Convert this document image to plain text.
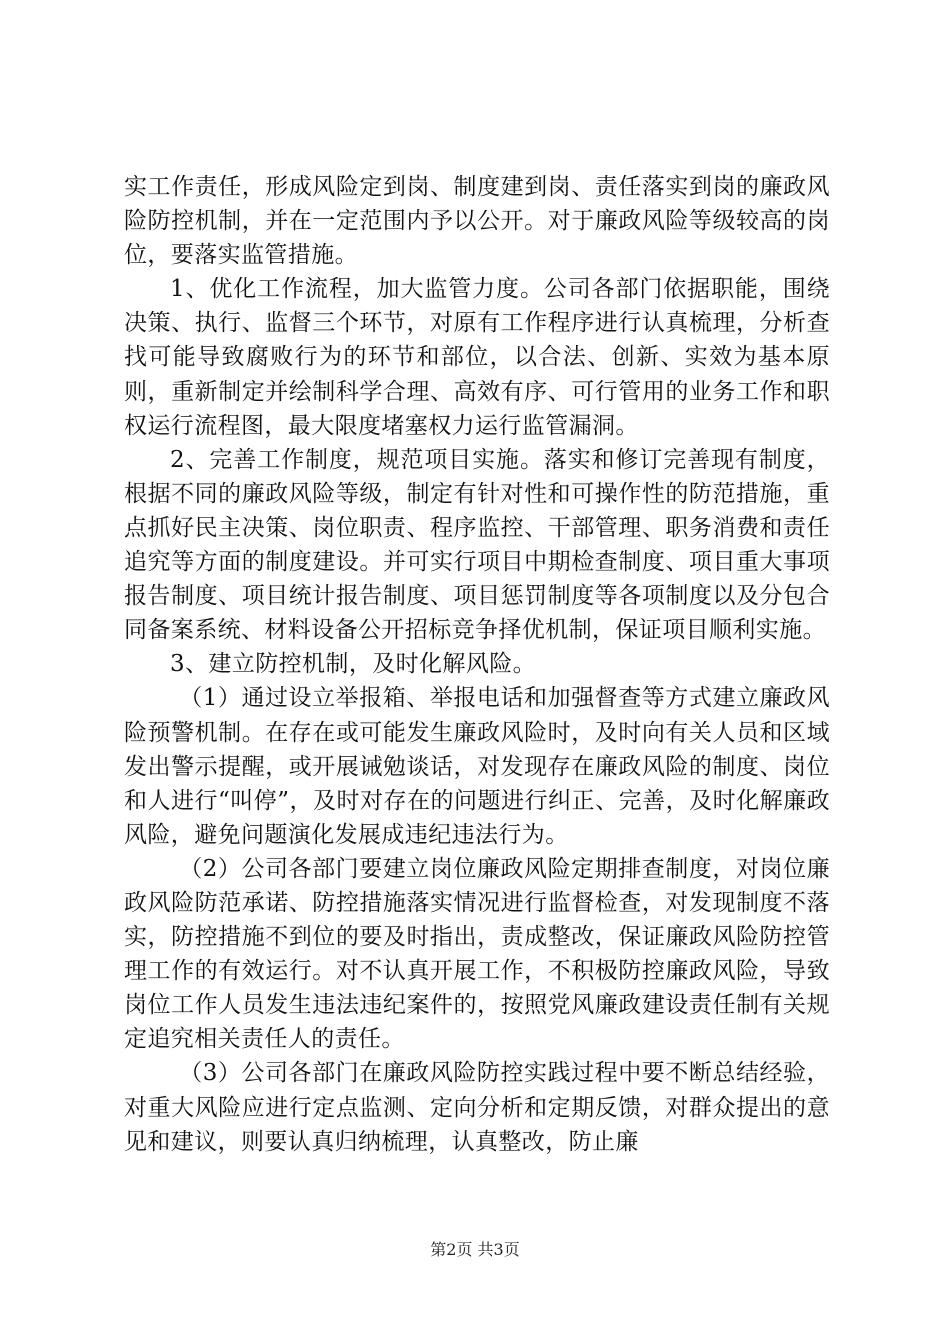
实工作责任，形成风险定到岗、制度建到岗、责任落实到岗的廉政风险防控机制，并在一定范围内予以公开。对于廉政风险等级较高的岗位，要落实监管措施。

1、优化工作流程，加大监管力度。公司各部门依据职能，围绕决策、执行、监督三个环节，对原有工作程序进行认真梳理，分析查找可能导致腐败行为的环节和部位，以合法、创新、实效为基本原则，重新制定并绘制科学合理、高效有序、可行管用的业务工作和职权运行流程图，最大限度堵塞权力运行监管漏洞。

2、完善工作制度，规范项目实施。落实和修订完善现有制度，根据不同的廉政风险等级，制定有针对性和可操作性的防范措施，重点抓好民主决策、岗位职责、程序监控、干部管理、职务消费和责任追究等方面的制度建设。并可实行项目中期检查制度、项目重大事项报告制度、项目统计报告制度、项目惩罚制度等各项制度以及分包合同备案系统、材料设备公开招标竞争择优机制，保证项目顺利实施。

3、建立防控机制，及时化解风险。

（1）通过设立举报箱、举报电话和加强督查等方式建立廉政风险预警机制。在存在或可能发生廉政风险时，及时向有关人员和区域发出警示提醒，或开展诫勉谈话，对发现存在廉政风险的制度、岗位和人进行“叫停”，及时对存在的问题进行纠正、完善，及时化解廉政风险，避免问题演化发展成违纪违法行为。

（2）公司各部门要建立岗位廉政风险定期排查制度，对岗位廉政风险防范承诺、防控措施落实情况进行监督检查，对发现制度不落实，防控措施不到位的要及时指出，责成整改，保证廉政风险防控管理工作的有效运行。对不认真开展工作，不积极防控廉政风险，导致岗位工作人员发生违法违纪案件的，按照党风廉政建设责任制有关规定追究相关责任人的责任。

（3）公司各部门在廉政风险防控实践过程中要不断总结经验，对重大风险应进行定点监测、定向分析和定期反馈，对群众提出的意见和建议，则要认真归纳梳理，认真整改，防止廉

第2页 共3页
